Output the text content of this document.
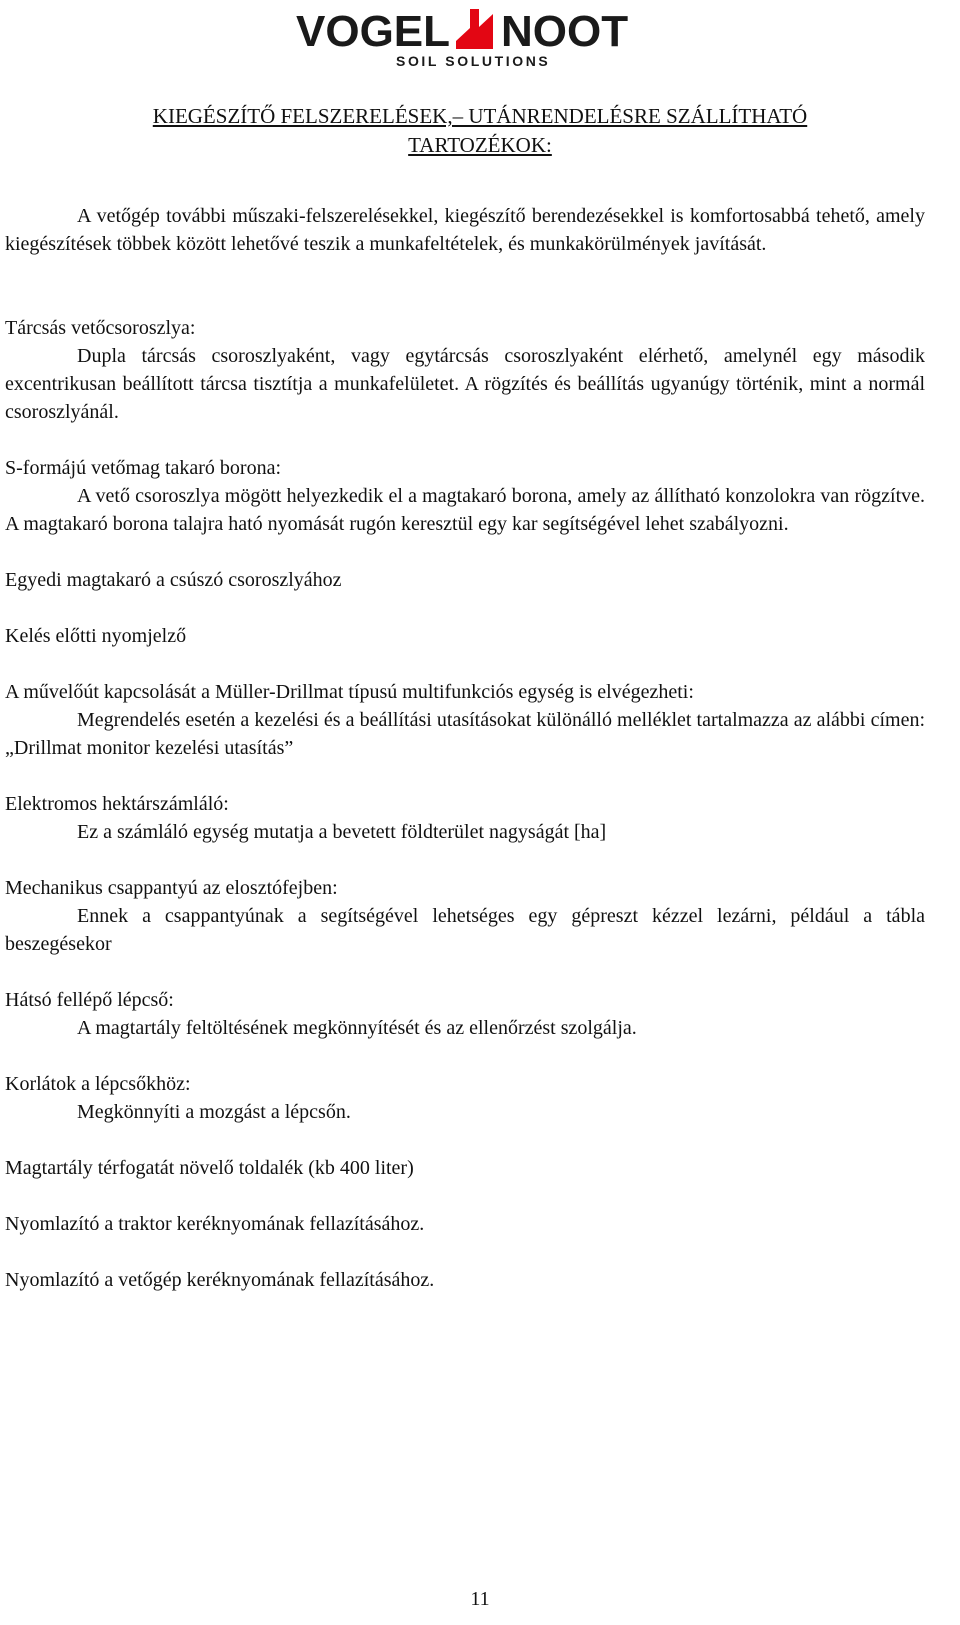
VOGEL NOOT
SOIL SOLUTIONS
KIEGÉSZÍTŐ FELSZERELÉSEK,– UTÁNRENDELÉSRE SZÁLLÍTHATÓ
TARTOZÉKOK:

A vetőgép további műszaki-felszerelésekkel, kiegészítő berendezésekkel is komfortosabbá tehető, amely kiegészítések többek között lehetővé teszik a munkafeltételek, és munkakörülmények javítását.

Tárcsás vetőcsoroszlya:

Dupla tárcsás csoroszlyaként, vagy egytárcsás csoroszlyaként elérhető, amelynél egy második excentrikusan beállított tárcsa tisztítja a munkafelületet. A rögzítés és beállítás ugyanúgy történik, mint a normál csoroszlyánál.

S-formájú vetőmag takaró borona:

A vető csoroszlya mögött helyezkedik el a magtakaró borona, amely az állítható konzolokra van rögzítve. A magtakaró borona talajra ható nyomását rugón keresztül egy kar segítségével lehet szabályozni.

Egyedi magtakaró a csúszó csoroszlyához

Kelés előtti nyomjelző

A művelőút kapcsolását a Müller-Drillmat típusú multifunkciós egység is elvégezheti:

Megrendelés esetén a kezelési és a beállítási utasításokat különálló melléklet tartalmazza az alábbi címen: „Drillmat monitor kezelési utasítás”

Elektromos hektárszámláló:

Ez a számláló egység mutatja a bevetett földterület nagyságát [ha]

Mechanikus csappantyú az elosztófejben:

Ennek a csappantyúnak a segítségével lehetséges egy gépreszt kézzel lezárni, például a tábla beszegésekor

Hátsó fellépő lépcső:

A magtartály feltöltésének megkönnyítését és az ellenőrzést szolgálja.

Korlátok a lépcsőkhöz:

Megkönnyíti a mozgást a lépcsőn.

Magtartály térfogatát növelő toldalék (kb 400 liter)

Nyomlazító a traktor keréknyomának fellazításához.

Nyomlazító a vetőgép keréknyomának fellazításához.

11
